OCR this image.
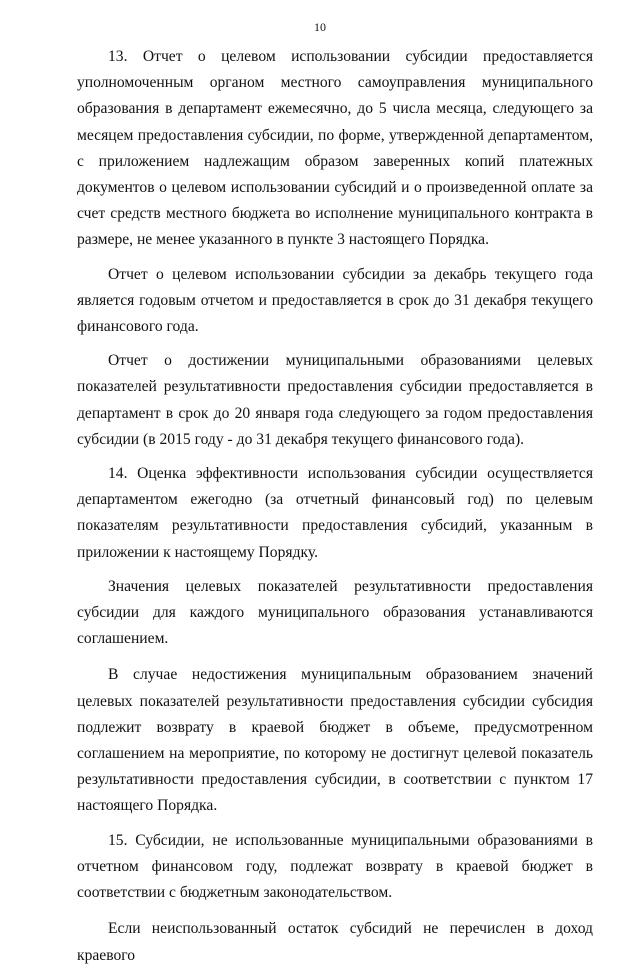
10

13. Отчет о целевом использовании субсидии предоставляется уполномоченным органом местного самоуправления муниципального образования в департамент ежемесячно, до 5 числа месяца, следующего за месяцем предоставления субсидии, по форме, утвержденной департаментом, с приложением надлежащим образом заверенных копий платежных документов о целевом использовании субсидий и о произведенной оплате за счет средств местного бюджета во исполнение муниципального контракта в размере, не менее указанного в пункте 3 настоящего Порядка.

Отчет о целевом использовании субсидии за декабрь текущего года является годовым отчетом и предоставляется в срок до 31 декабря текущего финансового года.

Отчет о достижении муниципальными образованиями целевых показателей результативности предоставления субсидии предоставляется в департамент в срок до 20 января года следующего за годом предоставления субсидии (в 2015 году - до 31 декабря текущего финансового года).

14. Оценка эффективности использования субсидии осуществляется департаментом ежегодно (за отчетный финансовый год) по целевым показателям результативности предоставления субсидий, указанным в приложении к настоящему Порядку.

Значения целевых показателей результативности предоставления субсидии для каждого муниципального образования устанавливаются соглашением.

В случае недостижения муниципальным образованием значений целевых показателей результативности предоставления субсидии субсидия подлежит возврату в краевой бюджет в объеме, предусмотренном соглашением на мероприятие, по которому не достигнут целевой показатель результативности предоставления субсидии, в соответствии с пунктом 17 настоящего Порядка.

15. Субсидии, не использованные муниципальными образованиями в отчетном финансовом году, подлежат возврату в краевой бюджет в соответствии с бюджетным законодательством.

Если неиспользованный остаток субсидий не перечислен в доход краевого
